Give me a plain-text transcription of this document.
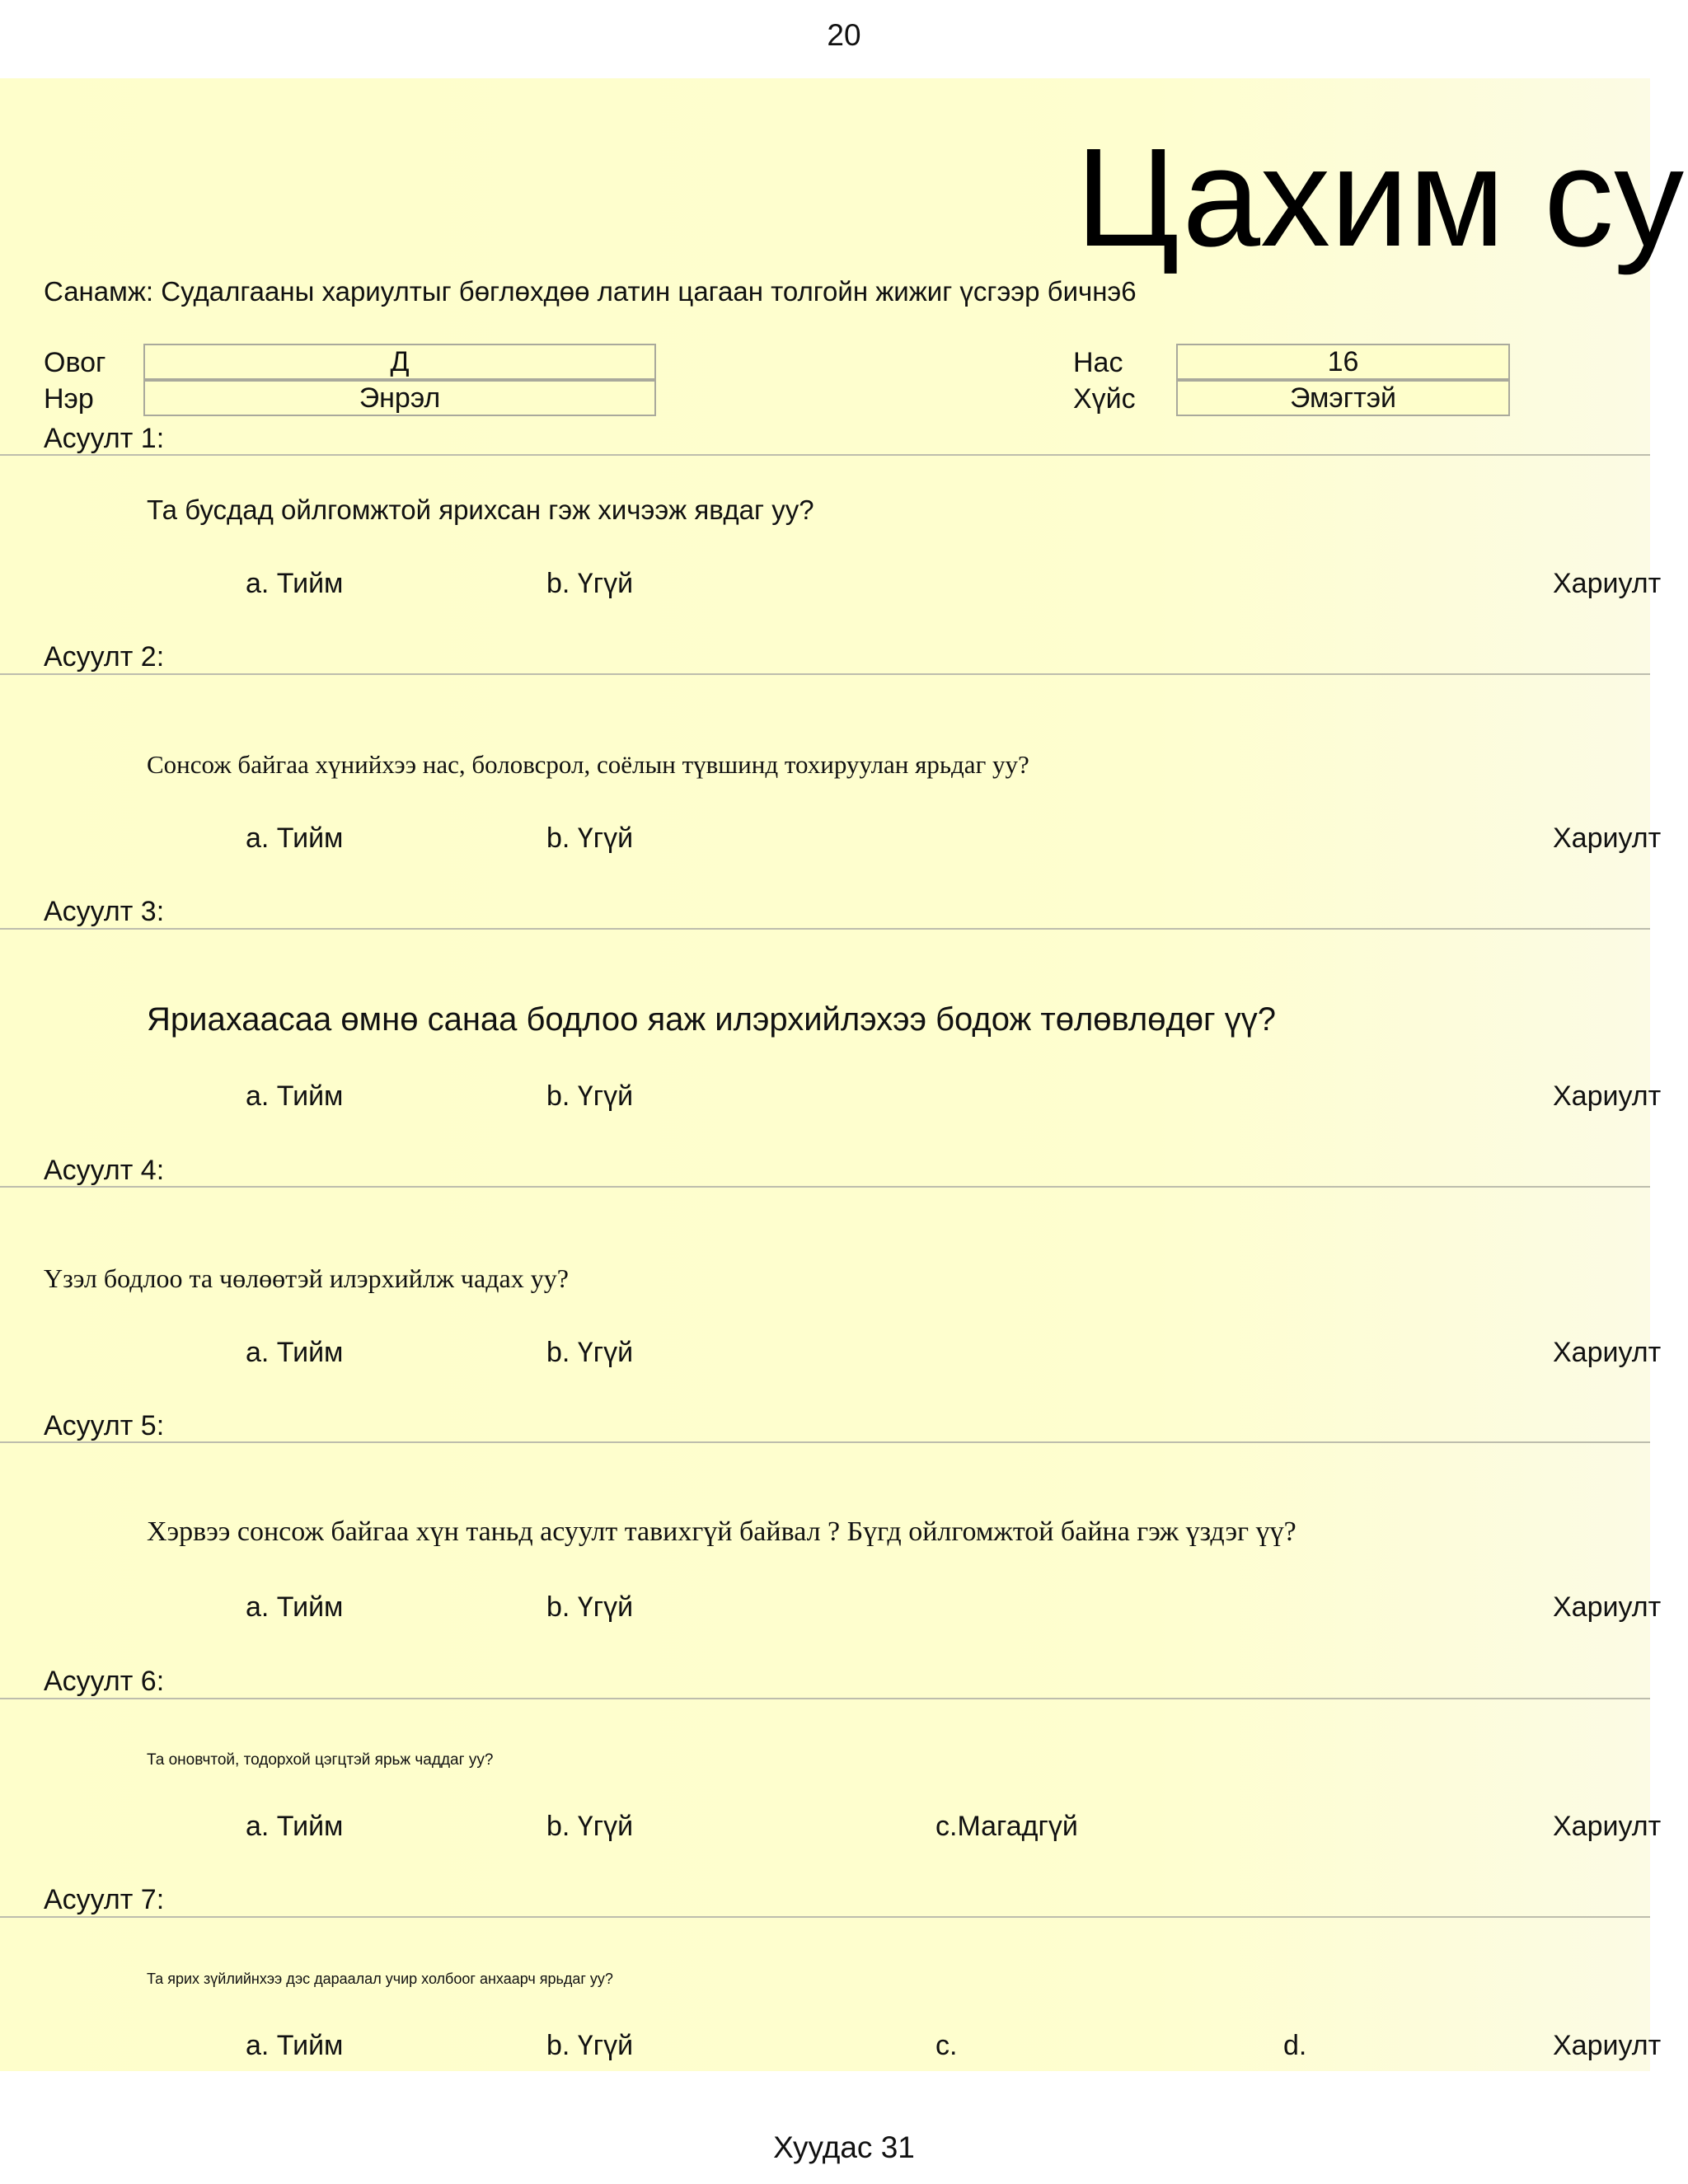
20
Цахим су
Санамж: Судалгааны хариултыг бөглөхдөө латин цагаан толгойн жижиг үсгээр бичнэ6
Овог	Д
Нэр	Энрэл
Нас	16
Хүйс	Эмэгтэй
Асуулт 1:
Та бусдад ойлгомжтой ярихсан гэж хичээж явдаг уу?
a. Тийм	b. Үгүй	Хариулт
Асуулт 2:
Сонсож байгаа хүнийхээ нас, боловсрол, соёлын түвшинд тохируулан ярьдаг уу?
a. Тийм	b. Үгүй	Хариулт
Асуулт 3:
Яриахаасаа өмнө санаа бодлоо яаж илэрхийлэхээ бодож төлөвлөдөг үү?
a. Тийм	b. Үгүй	Хариулт
Асуулт 4:
Үзэл бодлоо та чөлөөтэй илэрхийлж чадах уу?
a. Тийм	b. Үгүй	Хариулт
Асуулт 5:
Хэрвээ сонсож байгаа хүн таньд асуулт тавихгүй байвал ? Бүгд ойлгомжтой байна гэж үздэг үү?
a. Тийм	b. Үгүй	Хариулт
Асуулт 6:
Та оновчтой, тодорхой цэгцтэй ярьж чаддаг уу?
a. Тийм	b. Үгүй	c.Магадгүй	Хариулт
Асуулт 7:
Та ярих зүйлийнхээ дэс дараалал учир холбоог анхаарч ярьдаг уу?
a. Тийм	b. Үгүй	c.	d.	Хариулт
Хуудас 31
